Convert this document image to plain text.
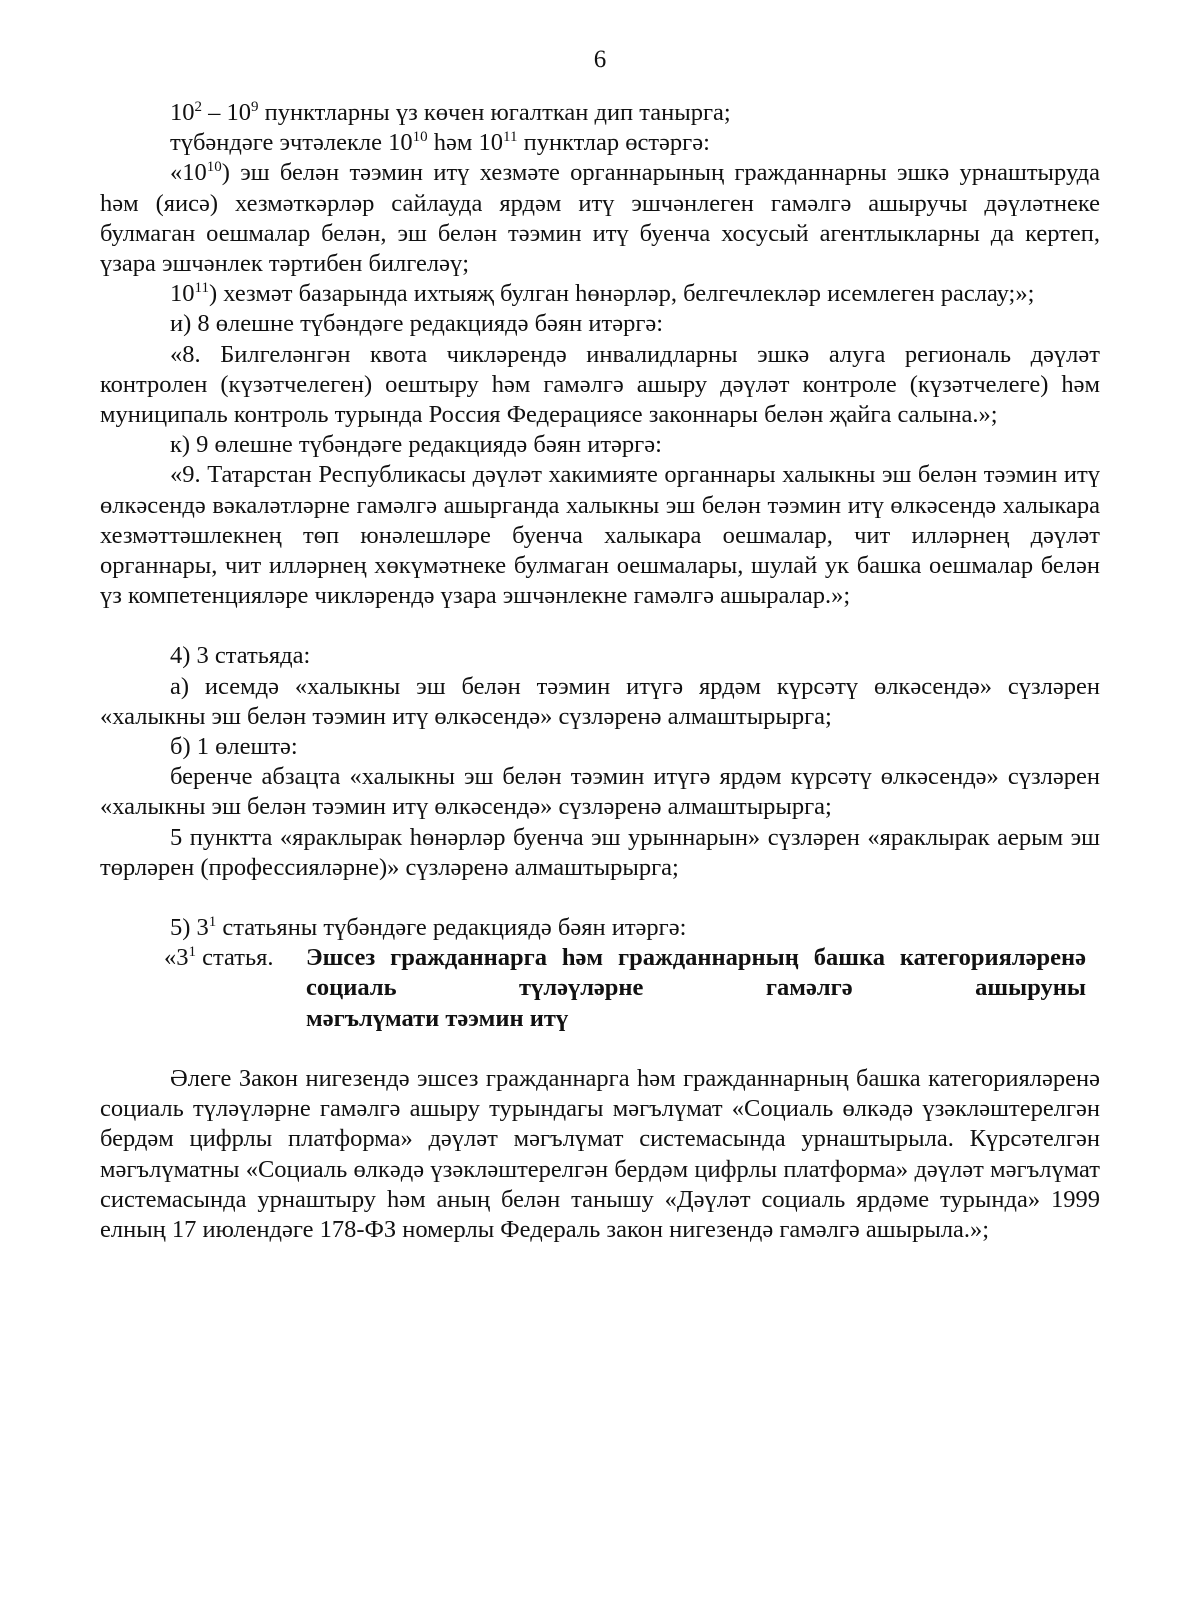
6

$10^2 - 10^9$ пунктларны үз көчен югалткан дип танырга;

түбәндәге эчтәлекле $10^{10}$ һәм $10^{11}$ пунктлар өстәргә:

«$10^{10}$) эш белән тәэмин итү хезмәте органнарының гражданнарны эшкә урнаштыруда һәм (яисә) хезмәткәрләр сайлауда ярдәм итү эшчәнлеген гамәлгә ашыручы дәүләтнеке булмаган оешмалар белән, эш белән тәэмин итү буенча хосусый агентлыкларны да кертеп, үзара эшчәнлек тәртибен билгеләү;

$10^{11}$) хезмәт базарында ихтыяҗ булган һөнәрләр, белгечлекләр исемлеген раслау;»;

и) 8 өлешне түбәндәге редакциядә бәян итәргә:

«8. Билгеләнгән квота чикләрендә инвалидларны эшкә алуга региональ дәүләт контролен (күзәтчелеген) оештыру һәм гамәлгә ашыру дәүләт контроле (күзәтчелеге) һәм муниципаль контроль турында Россия Федерациясе законнары белән җайга салына.»;

к) 9 өлешне түбәндәге редакциядә бәян итәргә:

«9. Татарстан Республикасы дәүләт хакимияте органнары халыкны эш белән тәэмин итү өлкәсендә вәкаләтләрне гамәлгә ашырганда халыкны эш белән тәэмин итү өлкәсендә халыкара хезмәттәшлекнең төп юнәлешләре буенча халыкара оешмалар, чит илләрнең дәүләт органнары, чит илләрнең хөкүмәтнеке булмаган оешмалары, шулай ук башка оешмалар белән үз компетенцияләре чикләрендә үзара эшчәнлекне гамәлгә ашыралар.»;

4) 3 статьяда:

а) исемдә «халыкны эш белән тәэмин итүгә ярдәм күрсәтү өлкәсендә» сүзләрен «халыкны эш белән тәэмин итү өлкәсендә» сүзләренә алмаштырырга;

б) 1 өлештә:

беренче абзацта «халыкны эш белән тәэмин итүгә ярдәм күрсәтү өлкәсендә» сүзләрен «халыкны эш белән тәэмин итү өлкәсендә» сүзләренә алмаштырырга;

5 пунктта «яраклырак һөнәрләр буенча эш урыннарын» сүзләрен «яраклырак аерым эш төрләрен (профессияләрне)» сүзләренә алмаштырырга;

5) $3^1$ статьяны түбәндәге редакциядә бәян итәргә:

«$3^1$ статья.	Эшсез гражданнарга һәм гражданнарның башка категорияләренә социаль түләүләрне гамәлгә ашыруны
мәгълүмати тәэмин итү

Әлеге Закон нигезендә эшсез гражданнарга һәм гражданнарның башка категорияләренә социаль түләүләрне гамәлгә ашыру турындагы мәгълүмат «Социаль өлкәдә үзәкләштерелгән бердәм цифрлы платформа» дәүләт мәгълүмат системасында урнаштырыла. Күрсәтелгән мәгълүматны «Социаль өлкәдә үзәкләштерелгән бердәм цифрлы платформа» дәүләт мәгълүмат системасында урнаштыру һәм аның белән танышу «Дәүләт социаль ярдәме турында» 1999 елның 17 июлендәге 178-ФЗ номерлы Федераль закон нигезендә гамәлгә ашырыла.»;
